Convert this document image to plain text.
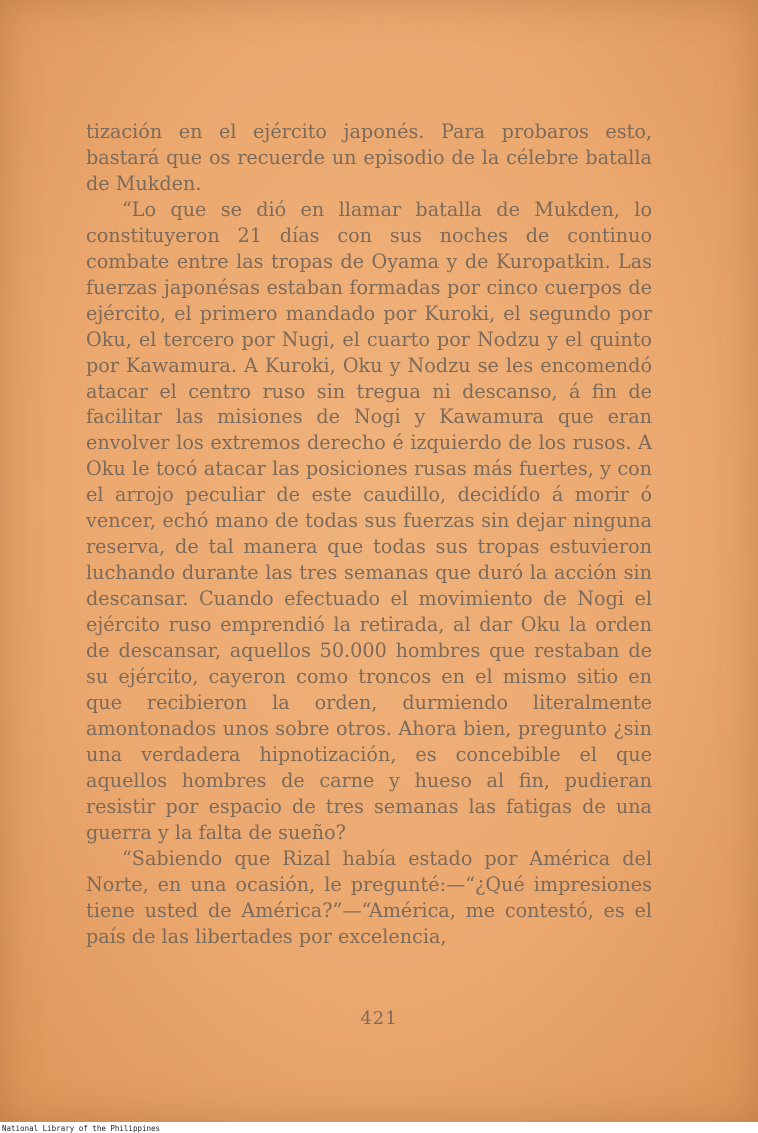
tización en el ejército japonés. Para probaros esto, bastará que os recuerde un episodio de la célebre batalla de Mukden.

“Lo que se dió en llamar batalla de Mukden, lo constituyeron 21 días con sus noches de continuo combate entre las tropas de Oyama y de Kuropatkin. Las fuerzas japonésas estaban formadas por cinco cuerpos de ejército, el primero mandado por Kuroki, el segundo por Oku, el tercero por Nugi, el cuarto por Nodzu y el quinto por Kawamura. A Kuroki, Oku y Nodzu se les encomendó atacar el centro ruso sin tregua ni descanso, á fin de facilitar las misiones de Nogi y Kawamura que eran envolver los extremos derecho é izquierdo de los rusos. A Oku le tocó atacar las posiciones rusas más fuertes, y con el arrojo peculiar de este caudillo, decidído á morir ó vencer, echó mano de todas sus fuerzas sin dejar ninguna reserva, de tal manera que todas sus tropas estuvieron luchando durante las tres semanas que duró la acción sin descansar. Cuando efectuado el movimiento de Nogi el ejército ruso emprendió la retirada, al dar Oku la orden de descansar, aquellos 50.000 hombres que restaban de su ejército, cayeron como troncos en el mismo sitio en que recibieron la orden, durmiendo literalmente amontonados unos sobre otros. Ahora bien, pregunto ¿sin una verdadera hipnotización, es concebible el que aquellos hombres de carne y hueso al fin, pudieran resistir por espacio de tres semanas las fatigas de una guerra y la falta de sueño?

“Sabiendo que Rizal había estado por América del Norte, en una ocasión, le pregunté:—“¿Qué impresiones tiene usted de América?”—“América, me contestó, es el país de las libertades por excelencia,

421
National Library of the Philippines
